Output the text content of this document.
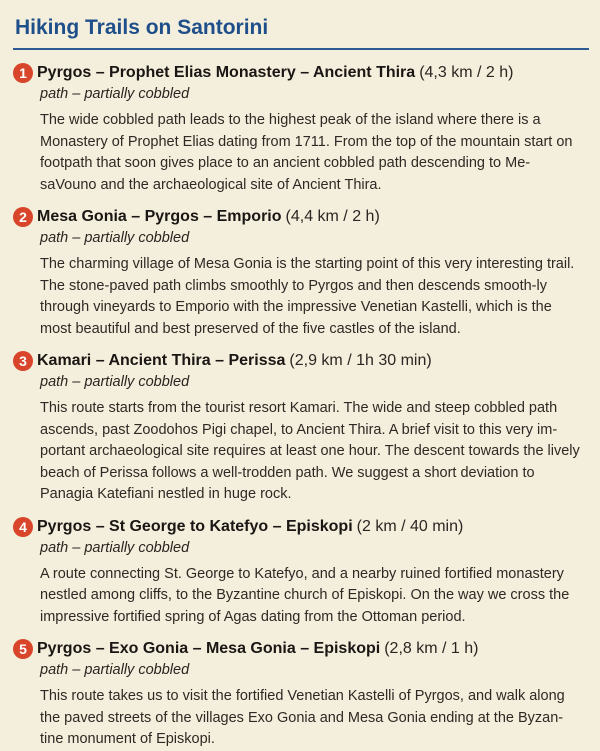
Hiking Trails on Santorini
1 Pyrgos – Prophet Elias Monastery – Ancient Thira (4,3 km / 2 h)
path – partially cobbled
The wide cobbled path leads to the highest peak of the island where there is a Monastery of Prophet Elias dating from 1711. From the top of the mountain start on footpath that soon gives place to an ancient cobbled path descending to Me-saVouno and the archaeological site of Ancient Thira.
2 Mesa Gonia – Pyrgos – Emporio (4,4 km / 2 h)
path – partially cobbled
The charming village of Mesa Gonia is the starting point of this very interesting trail. The stone-paved path climbs smoothly to Pyrgos and then descends smooth-ly through vineyards to Emporio with the impressive Venetian Kastelli, which is the most beautiful and best preserved of the five castles of the island.
3 Kamari – Ancient Thira – Perissa (2,9 km / 1h 30 min)
path – partially cobbled
This route starts from the tourist resort Kamari. The wide and steep cobbled path ascends, past Zoodohos Pigi chapel, to Ancient Thira. A brief visit to this very im-portant archaeological site requires at least one hour. The descent towards the lively beach of Perissa follows a well-trodden path. We suggest a short deviation to Panagia Katefiani nestled in huge rock.
4 Pyrgos – St George to Katefyo – Episkopi (2 km / 40 min)
path – partially cobbled
A route connecting St. George to Katefyo, and a nearby ruined fortified monastery nestled among cliffs, to the Byzantine church of Episkopi. On the way we cross the impressive fortified spring of Agas dating from the Ottoman period.
5 Pyrgos – Exo Gonia – Mesa Gonia – Episkopi (2,8 km / 1 h)
path – partially cobbled
This route takes us to visit the fortified Venetian Kastelli of Pyrgos, and walk along the paved streets of the villages Exo Gonia and Mesa Gonia ending at the Byzan-tine monument of Episkopi.
